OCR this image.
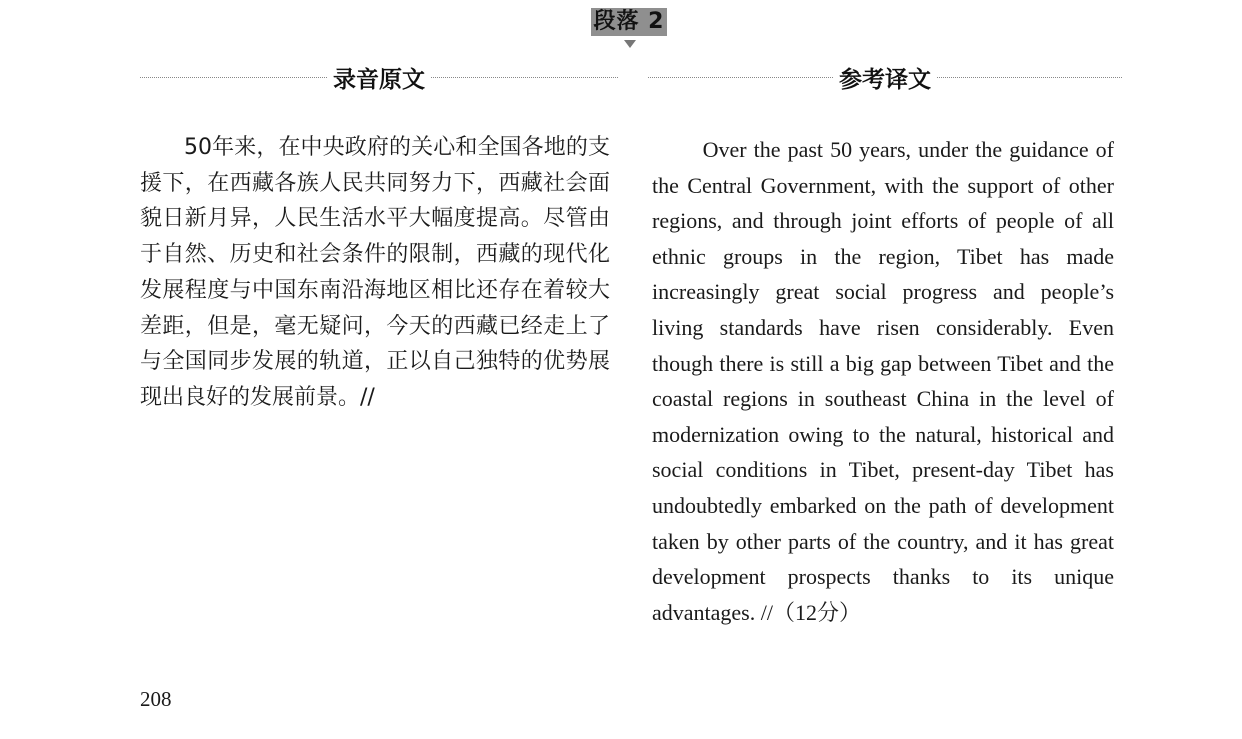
段落 2
录音原文	参考译文

50年来，在中央政府的关心和全国各地的支援下，在西藏各族人民共同努力下，西藏社会面貌日新月异，人民生活水平大幅度提高。尽管由于自然、历史和社会条件的限制，西藏的现代化发展程度与中国东南沿海地区相比还存在着较大差距，但是，毫无疑问，今天的西藏已经走上了与全国同步发展的轨道，正以自己独特的优势展现出良好的发展前景。//

Over the past 50 years, under the guidance of the Central Government, with the support of other regions, and through joint efforts of people of all ethnic groups in the region, Tibet has made increasingly great social progress and people’s living standards have risen considerably. Even though there is still a big gap between Tibet and the coastal regions in southeast China in the level of modernization owing to the natural, historical and social conditions in Tibet, present-day Tibet has undoubtedly embarked on the path of development taken by other parts of the country, and it has great development prospects thanks to its unique advantages. //（12分）

208
